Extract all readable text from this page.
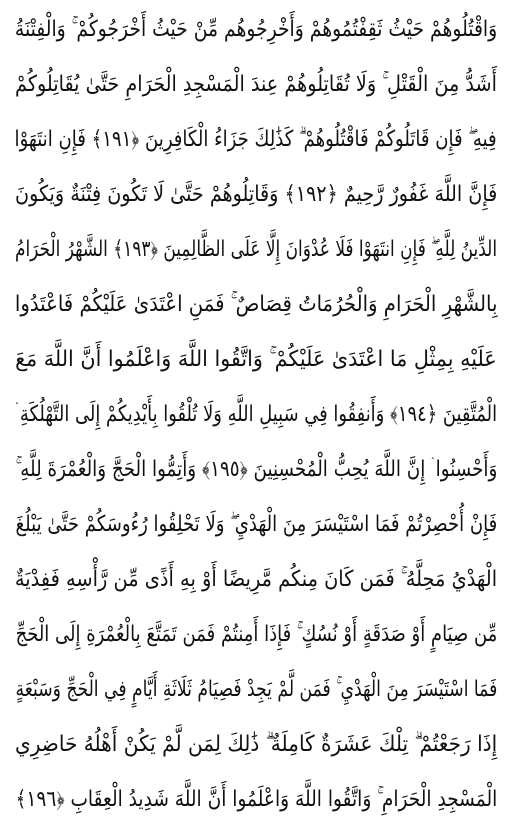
وَاقْتُلُوهُمْ حَيْثُ ثَقِفْتُمُوهُمْ وَأَخْرِجُوهُم مِّنْ حَيْثُ أَخْرَجُوكُمْ ۚ وَالْفِتْنَةُ
أَشَدُّ مِنَ الْقَتْلِ ۚ وَلَا تُقَاتِلُوهُمْ عِندَ الْمَسْجِدِ الْحَرَامِ حَتَّىٰ يُقَاتِلُوكُمْ
فِيهِ ۖ فَإِن قَاتَلُوكُمْ فَاقْتُلُوهُمْ ۗ كَذَٰلِكَ جَزَاءُ الْكَافِرِينَ ﴿١٩١﴾ فَإِنِ انتَهَوْا
فَإِنَّ اللَّهَ غَفُورٌ رَّحِيمٌ ﴿١٩٢﴾ وَقَاتِلُوهُمْ حَتَّىٰ لَا تَكُونَ فِتْنَةٌ وَيَكُونَ
الدِّينُ لِلَّهِ ۖ فَإِنِ انتَهَوْا فَلَا عُدْوَانَ إِلَّا عَلَى الظَّالِمِينَ ﴿١٩٣﴾ الشَّهْرُ الْحَرَامُ
بِالشَّهْرِ الْحَرَامِ وَالْحُرُمَاتُ قِصَاصٌ ۚ فَمَنِ اعْتَدَىٰ عَلَيْكُمْ فَاعْتَدُوا
عَلَيْهِ بِمِثْلِ مَا اعْتَدَىٰ عَلَيْكُمْ ۚ وَاتَّقُوا اللَّهَ وَاعْلَمُوا أَنَّ اللَّهَ مَعَ
الْمُتَّقِينَ ﴿١٩٤﴾ وَأَنفِقُوا فِي سَبِيلِ اللَّهِ وَلَا تُلْقُوا بِأَيْدِيكُمْ إِلَى التَّهْلُكَةِ ۛ
وَأَحْسِنُوا ۛ إِنَّ اللَّهَ يُحِبُّ الْمُحْسِنِينَ ﴿١٩٥﴾ وَأَتِمُّوا الْحَجَّ وَالْعُمْرَةَ لِلَّهِ ۚ
فَإِنْ أُحْصِرْتُمْ فَمَا اسْتَيْسَرَ مِنَ الْهَدْيِ ۖ وَلَا تَحْلِقُوا رُءُوسَكُمْ حَتَّىٰ يَبْلُغَ
الْهَدْيُ مَحِلَّهُ ۚ فَمَن كَانَ مِنكُم مَّرِيضًا أَوْ بِهِ أَذًى مِّن رَّأْسِهِ فَفِدْيَةٌ
مِّن صِيَامٍ أَوْ صَدَقَةٍ أَوْ نُسُكٍ ۚ فَإِذَا أَمِنتُمْ فَمَن تَمَتَّعَ بِالْعُمْرَةِ إِلَى الْحَجِّ
فَمَا اسْتَيْسَرَ مِنَ الْهَدْيِ ۚ فَمَن لَّمْ يَجِدْ فَصِيَامُ ثَلَاثَةِ أَيَّامٍ فِي الْحَجِّ وَسَبْعَةٍ
إِذَا رَجَعْتُمْ ۗ تِلْكَ عَشَرَةٌ كَامِلَةٌ ۗ ذَٰلِكَ لِمَن لَّمْ يَكُنْ أَهْلُهُ حَاضِرِي
الْمَسْجِدِ الْحَرَامِ ۚ وَاتَّقُوا اللَّهَ وَاعْلَمُوا أَنَّ اللَّهَ شَدِيدُ الْعِقَابِ ﴿١٩٦﴾
